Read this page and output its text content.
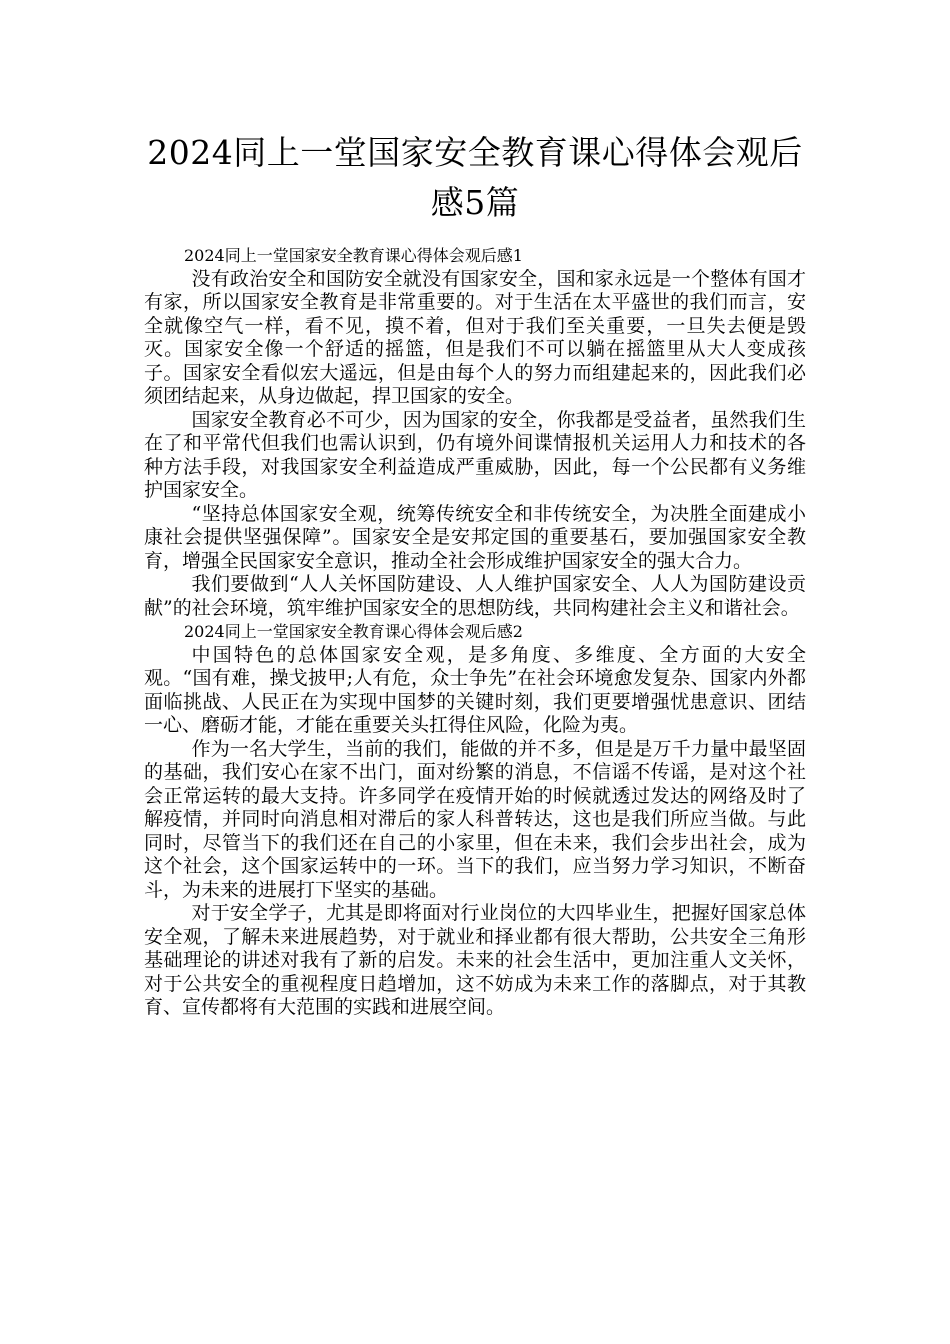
2024同上一堂国家安全教育课心得体会观后感5篇

2024同上一堂国家安全教育课心得体会观后感1

没有政治安全和国防安全就没有国家安全，国和家永远是一个整体有国才有家，所以国家安全教育是非常重要的。对于生活在太平盛世的我们而言，安全就像空气一样，看不见，摸不着，但对于我们至关重要，一旦失去便是毁灭。国家安全像一个舒适的摇篮，但是我们不可以躺在摇篮里从大人变成孩子。国家安全看似宏大遥远，但是由每个人的努力而组建起来的，因此我们必须团结起来，从身边做起，捍卫国家的安全。

国家安全教育必不可少，因为国家的安全，你我都是受益者，虽然我们生在了和平常代但我们也需认识到，仍有境外间谍情报机关运用人力和技术的各种方法手段，对我国家安全利益造成严重威胁，因此，每一个公民都有义务维护国家安全。

“坚持总体国家安全观，统筹传统安全和非传统安全，为决胜全面建成小康社会提供坚强保障”。国家安全是安邦定国的重要基石，要加强国家安全教育，增强全民国家安全意识，推动全社会形成维护国家安全的强大合力。

我们要做到“人人关怀国防建设、人人维护国家安全、人人为国防建设贡献”的社会环境，筑牢维护国家安全的思想防线，共同构建社会主义和谐社会。

2024同上一堂国家安全教育课心得体会观后感2

中国特色的总体国家安全观，是多角度、多维度、全方面的大安全观。“国有难，操戈披甲;人有危，众士争先”在社会环境愈发复杂、国家内外都面临挑战、人民正在为实现中国梦的关键时刻，我们更要增强忧患意识、团结一心、磨砺才能，才能在重要关头扛得住风险，化险为夷。

作为一名大学生，当前的我们，能做的并不多，但是是万千力量中最坚固的基础，我们安心在家不出门，面对纷繁的消息，不信谣不传谣，是对这个社会正常运转的最大支持。许多同学在疫情开始的时候就透过发达的网络及时了解疫情，并同时向消息相对滞后的家人科普转达，这也是我们所应当做。与此同时，尽管当下的我们还在自己的小家里，但在未来，我们会步出社会，成为这个社会，这个国家运转中的一环。当下的我们，应当努力学习知识，不断奋斗，为未来的进展打下坚实的基础。

对于安全学子，尤其是即将面对行业岗位的大四毕业生，把握好国家总体安全观，了解未来进展趋势，对于就业和择业都有很大帮助，公共安全三角形基础理论的讲述对我有了新的启发。未来的社会生活中，更加注重人文关怀，对于公共安全的重视程度日趋增加，这不妨成为未来工作的落脚点，对于其教育、宣传都将有大范围的实践和进展空间。
